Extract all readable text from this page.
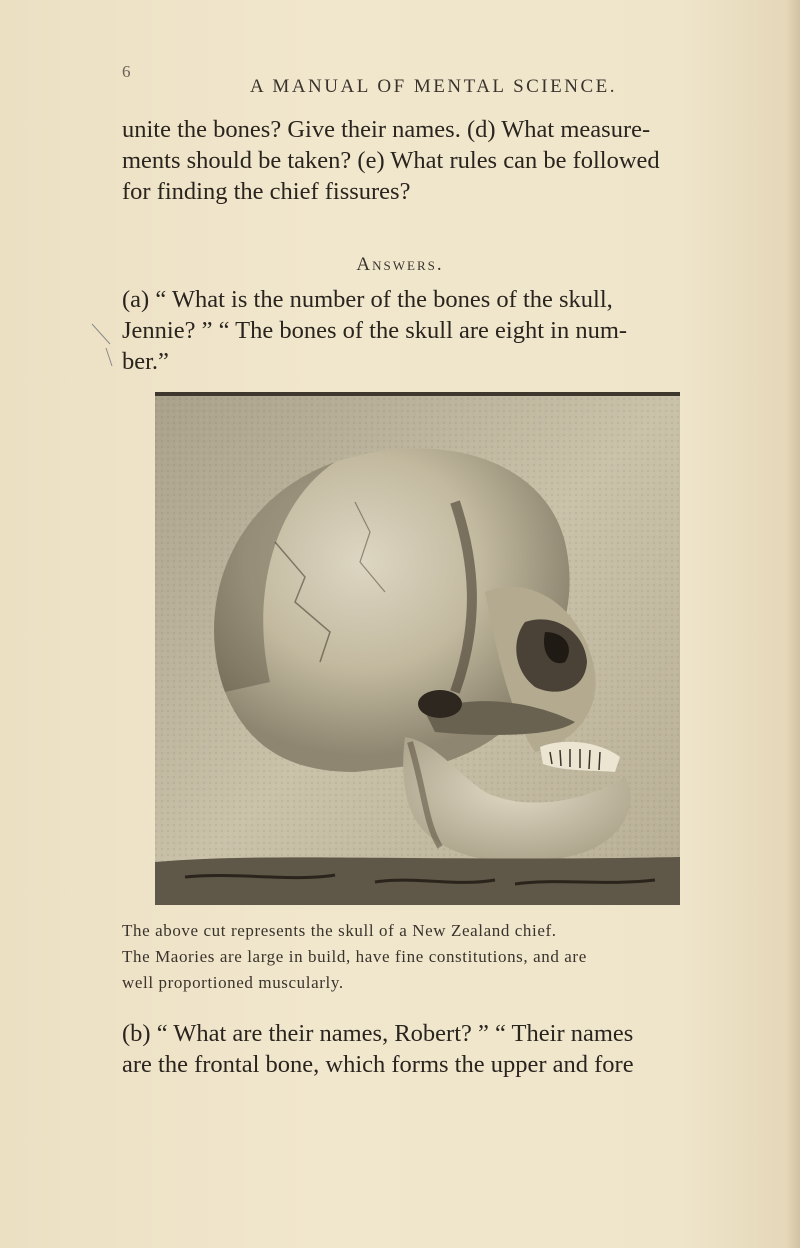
6
A MANUAL OF MENTAL SCIENCE.
unite the bones? Give their names. (d) What measure-
ments should be taken? (e) What rules can be followed
for finding the chief fissures?
Answers.
(a) “ What is the number of the bones of the skull,
Jennie? ” “ The bones of the skull are eight in num-
ber.”
The above cut represents the skull of a New Zealand chief.
The Maories are large in build, have fine constitutions, and are
well proportioned muscularly.
(b) “ What are their names, Robert? ” “ Their names
are the frontal bone, which forms the upper and fore
